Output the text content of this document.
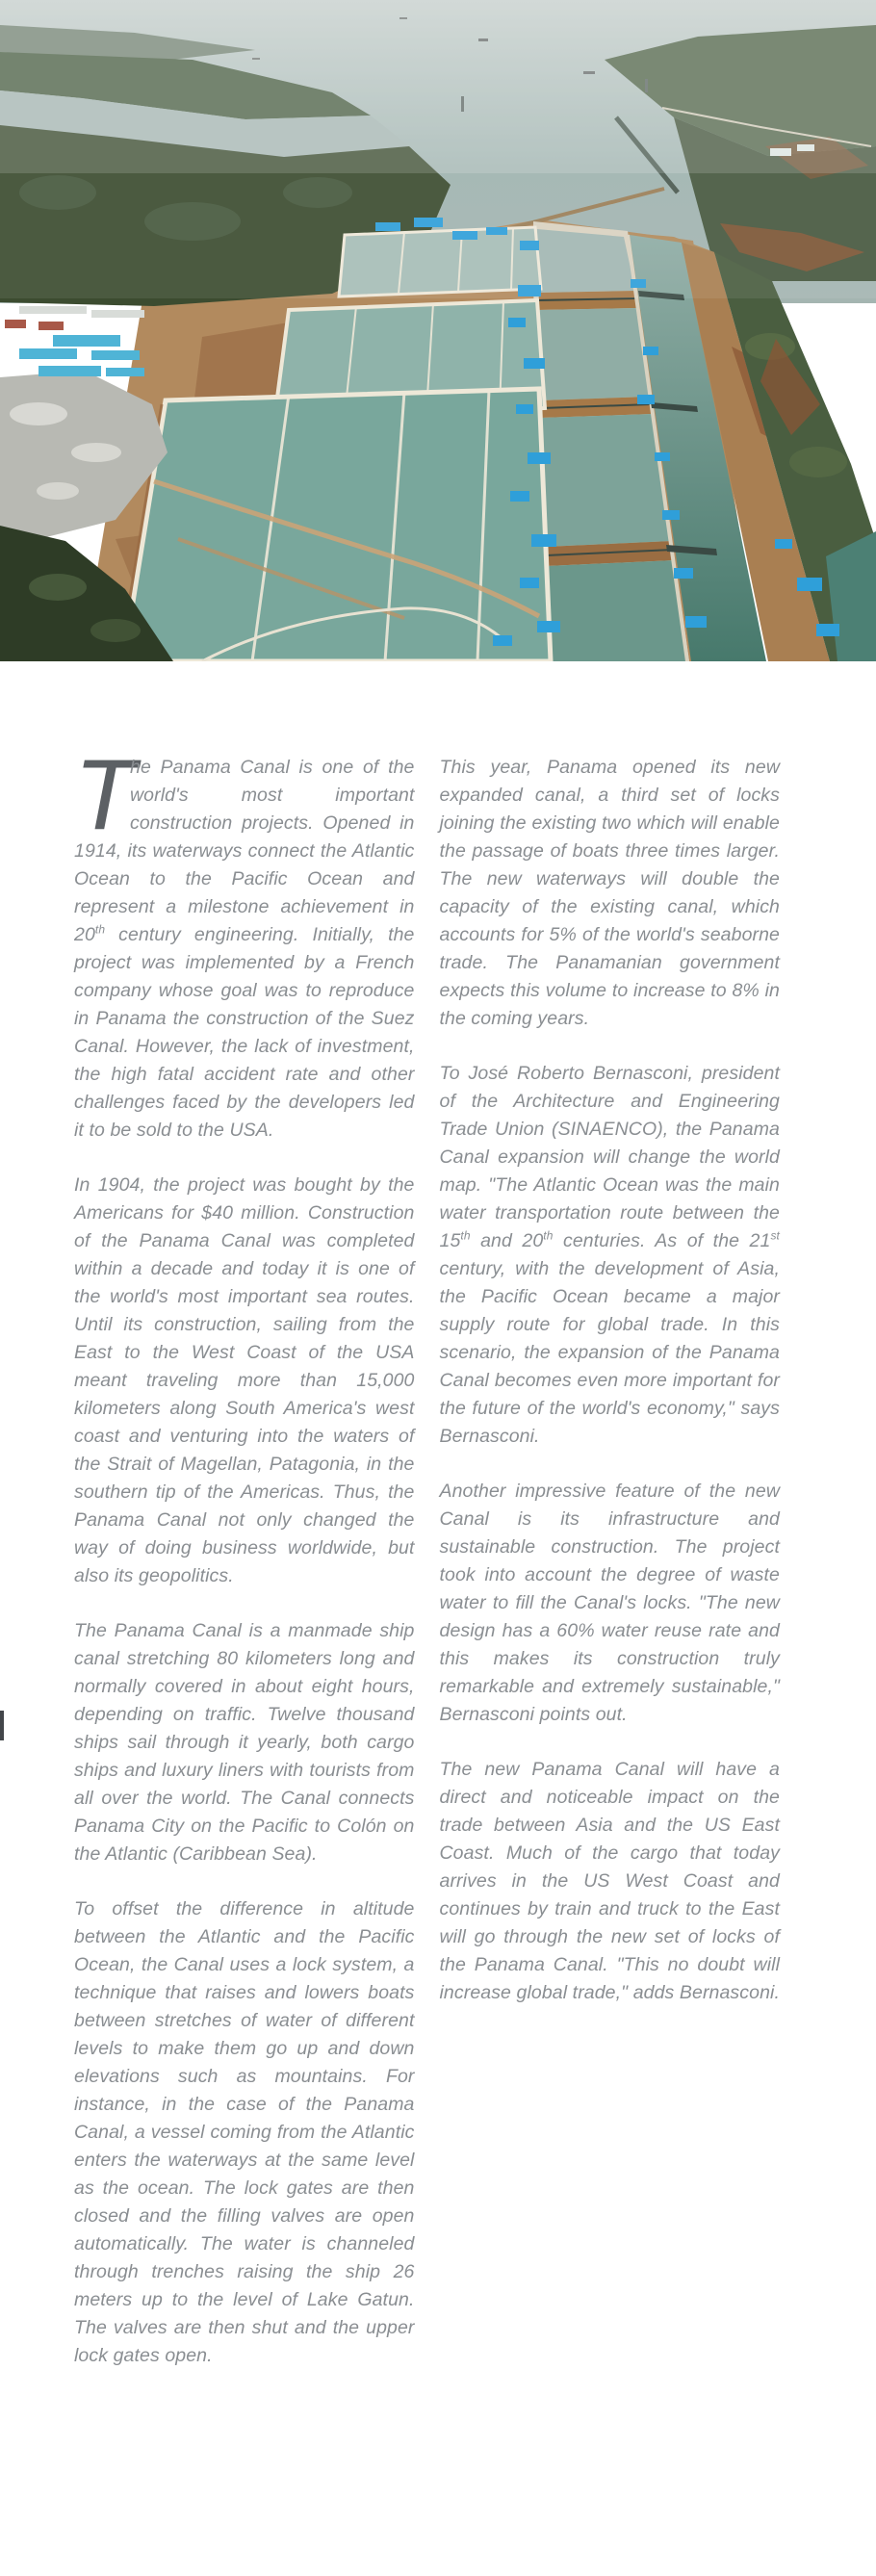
T
he Panama Canal is one of the world's most important construction projects. Opened in 1914, its waterways connect the Atlantic Ocean to the Pacific Ocean and represent a milestone achievement in 20th century engineering. Initially, the project was implemented by a French company whose goal was to reproduce in Panama the construction of the Suez Canal. However, the lack of investment, the high fatal accident rate and other challenges faced by the developers led it to be sold to the USA.

In 1904, the project was bought by the Americans for $40 million. Construction of the Panama Canal was completed within a decade and today it is one of the world's most important sea routes. Until its construction, sailing from the East to the West Coast of the USA meant traveling more than 15,000 kilometers along South America's west coast and venturing into the waters of the Strait of Magellan, Patagonia, in the southern tip of the Americas. Thus, the Panama Canal not only changed the way of doing business worldwide, but also its geopolitics.

The Panama Canal is a manmade ship canal stretching 80 kilometers long and normally covered in about eight hours, depending on traffic. Twelve thousand ships sail through it yearly, both cargo ships and luxury liners with tourists from all over the world. The Canal connects Panama City on the Pacific to Colón on the Atlantic (Caribbean Sea).

To offset the difference in altitude between the Atlantic and the Pacific Ocean, the Canal uses a lock system, a technique that raises and lowers boats between stretches of water of different levels to make them go up and down elevations such as mountains. For instance, in the case of the Panama Canal, a vessel coming from the Atlantic enters the waterways at the same level as the ocean. The lock gates are then closed and the filling valves are open automatically. The water is channeled through trenches raising the ship 26 meters up to the level of Lake Gatun. The valves are then shut and the upper lock gates open.

This year, Panama opened its new expanded canal, a third set of locks joining the existing two which will enable the passage of boats three times larger. The new waterways will double the capacity of the existing canal, which accounts for 5% of the world's seaborne trade. The Panamanian government expects this volume to increase to 8% in the coming years.

To José Roberto Bernasconi, president of the Architecture and Engineering Trade Union (SINAENCO), the Panama Canal expansion will change the world map. "The Atlantic Ocean was the main water transportation route between the 15th and 20th centuries. As of the 21st century, with the development of Asia, the Pacific Ocean became a major supply route for global trade. In this scenario, the expansion of the Panama Canal becomes even more important for the future of the world's economy," says Bernasconi.

Another impressive feature of the new Canal is its infrastructure and sustainable construction. The project took into account the degree of waste water to fill the Canal's locks. "The new design has a 60% water reuse rate and this makes its construction truly remarkable and extremely sustainable," Bernasconi points out.

The new Panama Canal will have a direct and noticeable impact on the trade between Asia and the US East Coast. Much of the cargo that today arrives in the US West Coast and continues by train and truck to the East will go through the new set of locks of the Panama Canal. "This no doubt will increase global trade," adds Bernasconi.
